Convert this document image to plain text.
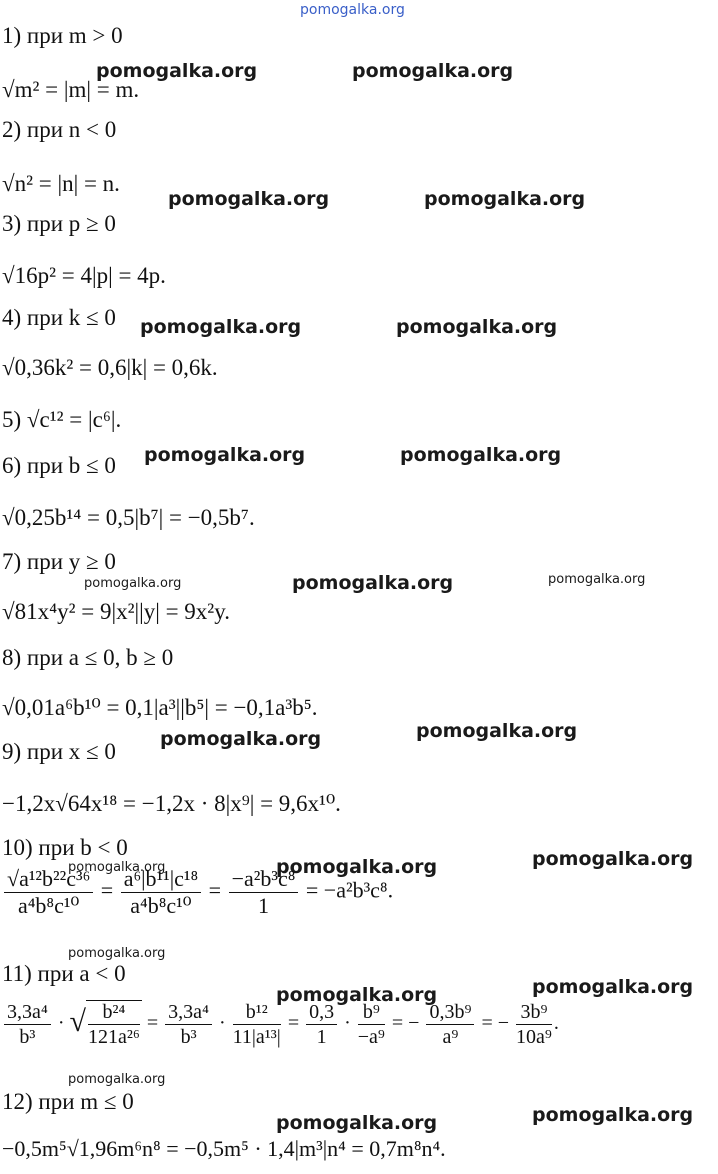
pomogalka.org
pomogalka.org	pomogalka.org
pomogalka.org	pomogalka.org
pomogalka.org	pomogalka.org
pomogalka.org	pomogalka.org
pomogalka.org	pomogalka.org	pomogalka.org
pomogalka.org	pomogalka.org
pomogalka.org	pomogalka.org	pomogalka.org
pomogalka.org
pomogalka.org	pomogalka.org
pomogalka.org
pomogalka.org	pomogalka.org
1) при m > 0
√m² = |m| = m.
2) при n < 0
√n² = |n| = n.
3) при p ≥ 0
√16p² = 4|p| = 4p.
4) при k ≤ 0
√0,36k² = 0,6|k| = 0,6k.
5) √c¹² = |c⁶|.
6) при b ≤ 0
√0,25b¹⁴ = 0,5|b⁷| = −0,5b⁷.
7) при y ≥ 0
√81x⁴y² = 9|x²||y| = 9x²y.
8) при a ≤ 0, b ≥ 0
√0,01a⁶b¹⁰ = 0,1|a³||b⁵| = −0,1a³b⁵.
9) при x ≤ 0
−1,2x√64x¹⁸ = −1,2x · 8|x⁹| = 9,6x¹⁰.
10) при b < 0
$\frac{\text{√a¹²b²²c³⁶}}{\text{a⁴b⁸c¹⁰}} = \frac{\text{a⁶|b¹¹|c¹⁸}}{\text{a⁴b⁸c¹⁰}} = \frac{\text{−a²b³c⁸}}{1} = -a^2b^3c^8$.
11) при a < 0
$\frac{\text{3,3a⁴}}{\text{b³}}$ · √ $\frac{\text{b²⁴}}{\text{121a²⁶}} = \frac{\text{3,3a⁴}}{\text{b³}} \cdot \frac{\text{b¹²}}{\text{11|a¹³|}} = \frac{0,3}{1} \cdot \frac{\text{b⁹}}{\text{−a⁹}}$ = − $\frac{\text{0,3b⁹}}{\text{a⁹}}$ = − $\frac{\text{3b⁹}}{\text{10a⁹}}$ .
12) при m ≤ 0
−0,5m⁵√1,96m⁶n⁸ = −0,5m⁵ · 1,4|m³|n⁴ = 0,7m⁸n⁴.
